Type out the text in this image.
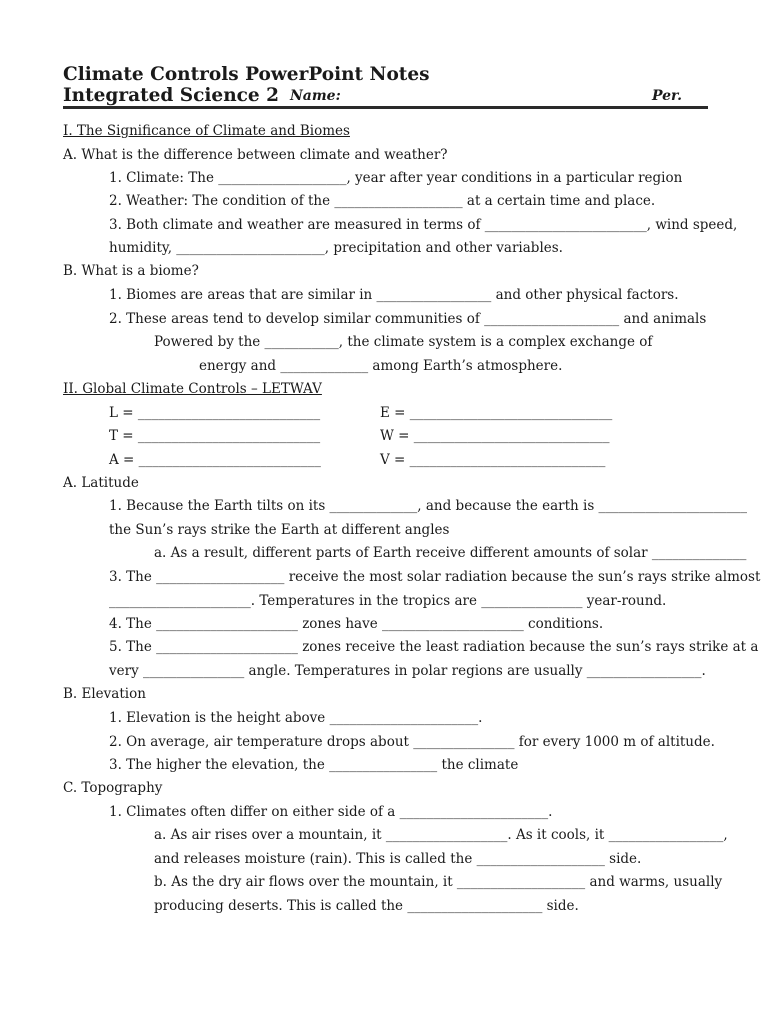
Climate Controls PowerPoint Notes
Integrated Science 2 Name:	Per.
I. The Significance of Climate and Biomes
A. What is the difference between climate and weather?
1. Climate: The ___________________, year after year conditions in a particular region
2. Weather: The condition of the ___________________ at a certain time and place.
3. Both climate and weather are measured in terms of ________________________, wind speed,
humidity, ______________________, precipitation and other variables.
B. What is a biome?
1. Biomes are areas that are similar in _________________ and other physical factors.
2. These areas tend to develop similar communities of ____________________ and animals
Powered by the ___________, the climate system is a complex exchange of
energy and _____________ among Earth’s atmosphere.
II. Global Climate Controls – LETWAV
L = ___________________________	E = ______________________________
T = ___________________________	W = _____________________________
A = ___________________________	V = _____________________________
A. Latitude
1. Because the Earth tilts on its _____________, and because the earth is ______________________
the Sun’s rays strike the Earth at different angles
a. As a result, different parts of Earth receive different amounts of solar ______________
3. The ___________________ receive the most solar radiation because the sun’s rays strike almost
_____________________. Temperatures in the tropics are _______________ year-round.
4. The _____________________ zones have _____________________ conditions.
5. The _____________________ zones receive the least radiation because the sun’s rays strike at a
very _______________ angle. Temperatures in polar regions are usually _________________.
B. Elevation
1. Elevation is the height above ______________________.
2. On average, air temperature drops about _______________ for every 1000 m of altitude.
3. The higher the elevation, the ________________ the climate
C. Topography
1. Climates often differ on either side of a ______________________.
a. As air rises over a mountain, it __________________. As it cools, it _________________,
and releases moisture (rain). This is called the ___________________ side.
b. As the dry air flows over the mountain, it ___________________ and warms, usually
producing deserts. This is called the ____________________ side.
